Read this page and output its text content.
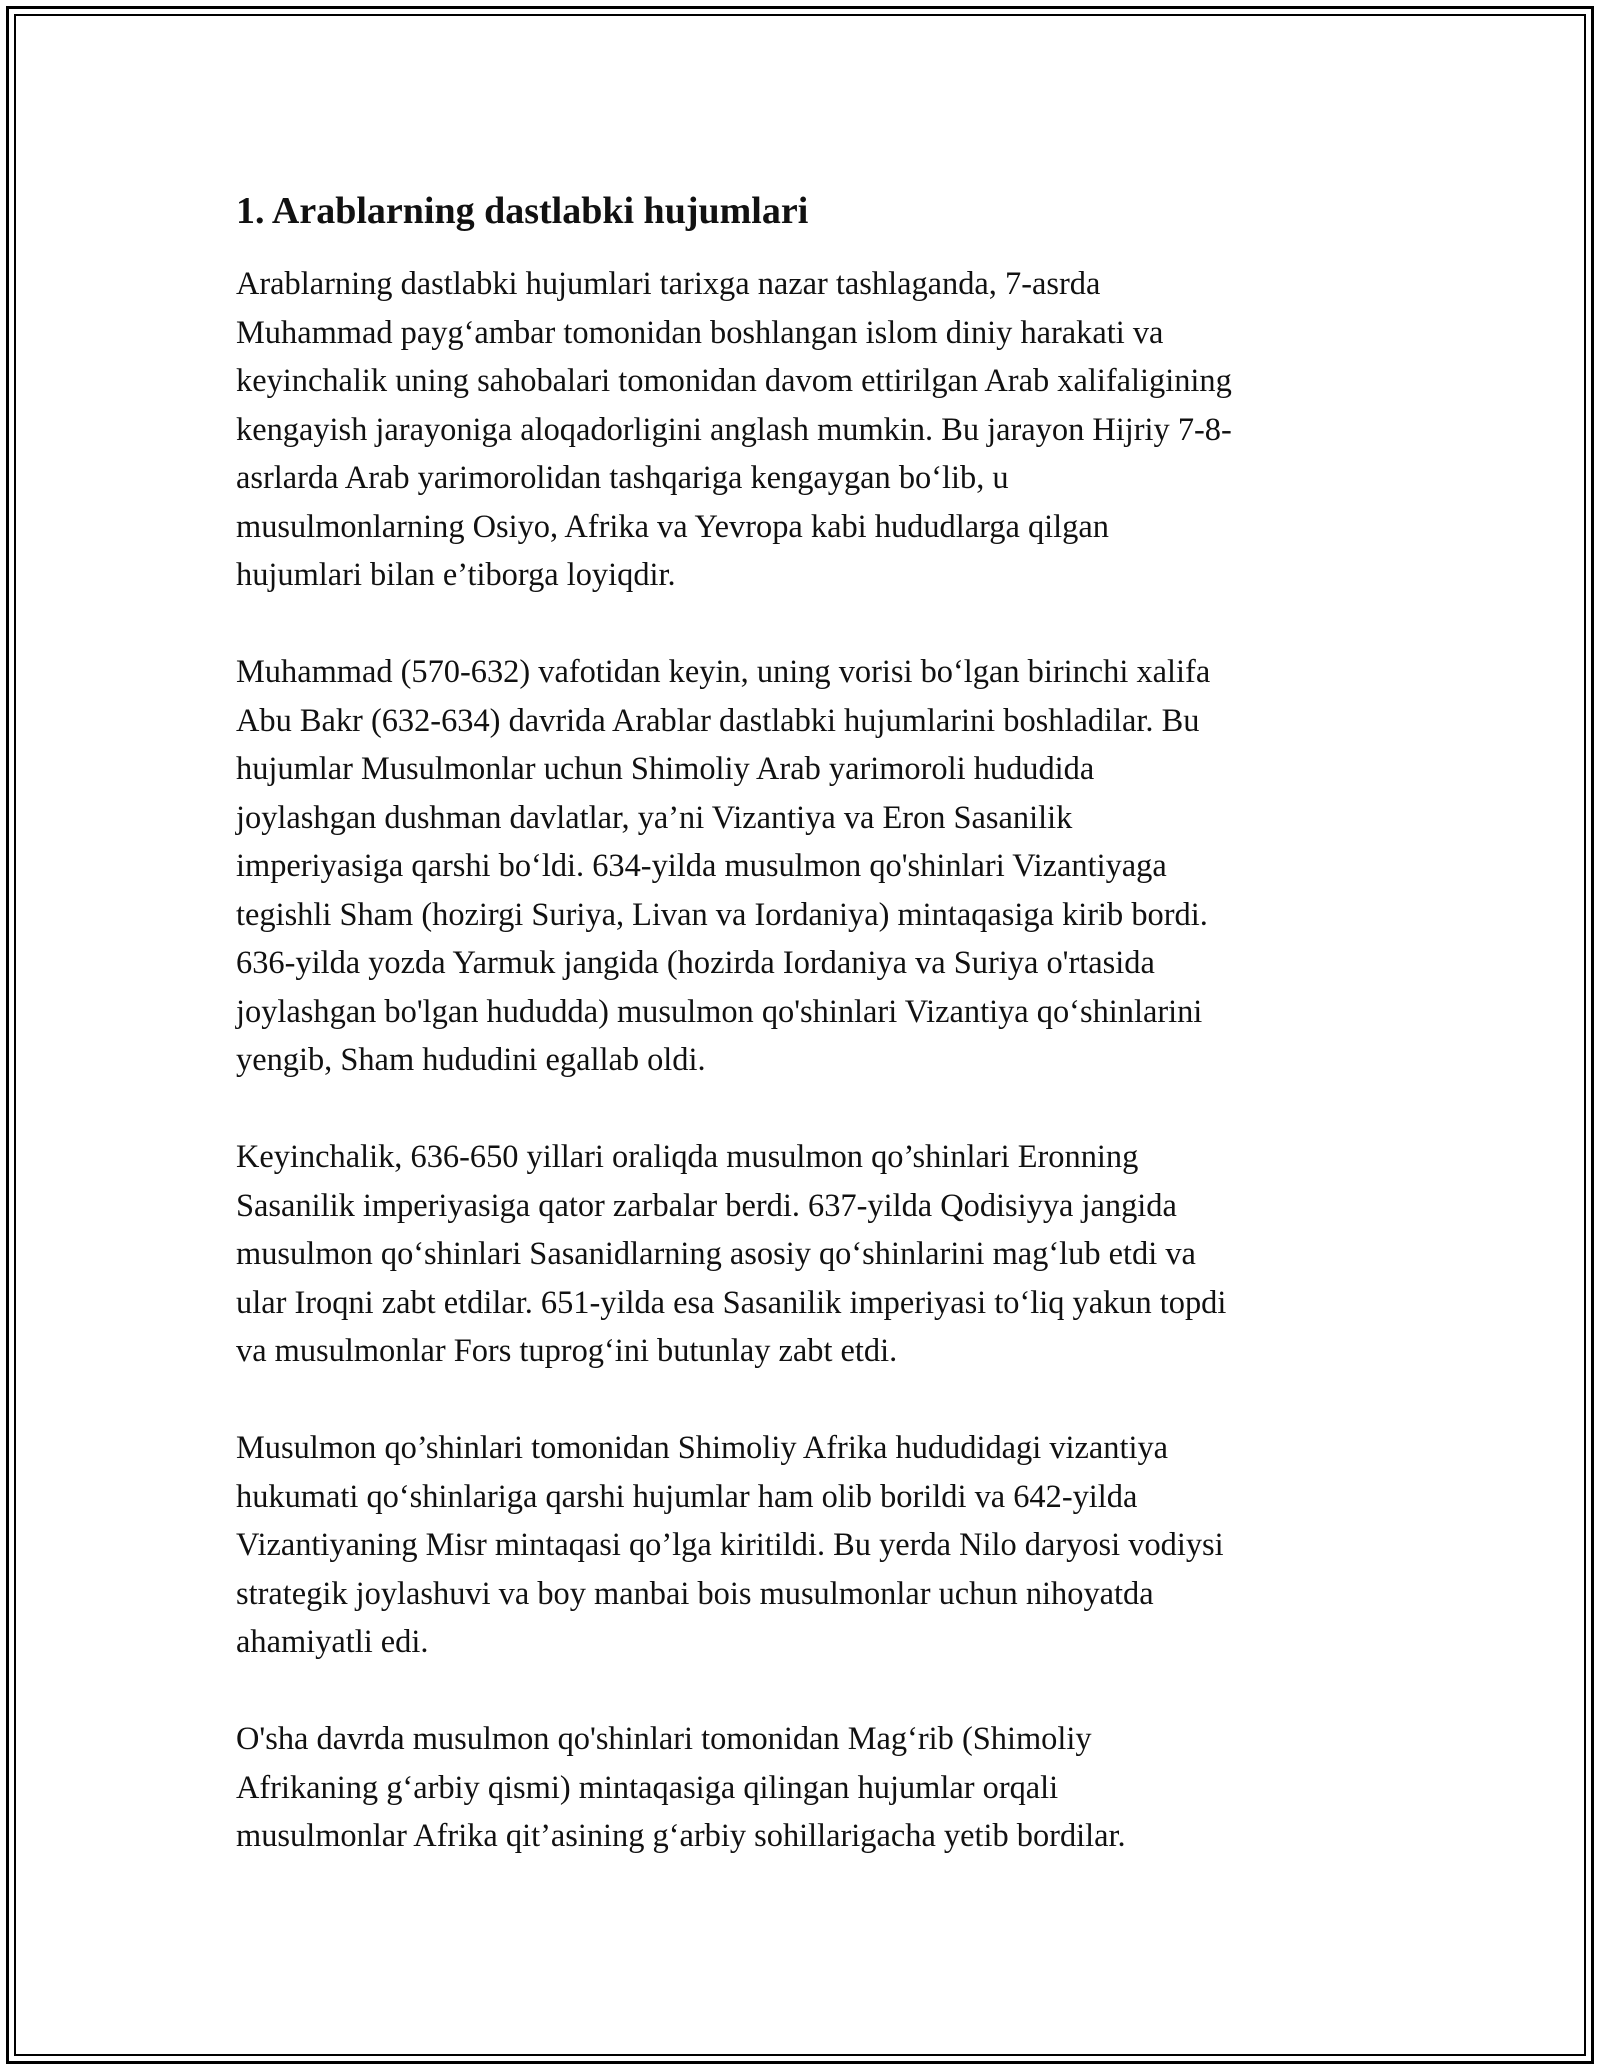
1. Arablarning dastlabki hujumlari

Arablarning dastlabki hujumlari tarixga nazar tashlaganda, 7-asrda
Muhammad payg‘ambar tomonidan boshlangan islom diniy harakati va
keyinchalik uning sahobalari tomonidan davom ettirilgan Arab xalifaligining
kengayish jarayoniga aloqadorligini anglash mumkin. Bu jarayon Hijriy 7-8-
asrlarda Arab yarimorolidan tashqariga kengaygan bo‘lib, u
musulmonlarning Osiyo, Afrika va Yevropa kabi hududlarga qilgan
hujumlari bilan e’tiborga loyiqdir.

Muhammad (570-632) vafotidan keyin, uning vorisi bo‘lgan birinchi xalifa
Abu Bakr (632-634) davrida Arablar dastlabki hujumlarini boshladilar. Bu
hujumlar Musulmonlar uchun Shimoliy Arab yarimoroli hududida
joylashgan dushman davlatlar, ya’ni Vizantiya va Eron Sasanilik
imperiyasiga qarshi bo‘ldi. 634-yilda musulmon qo'shinlari Vizantiyaga
tegishli Sham (hozirgi Suriya, Livan va Iordaniya) mintaqasiga kirib bordi.
636-yilda yozda Yarmuk jangida (hozirda Iordaniya va Suriya o'rtasida
joylashgan bo'lgan hududda) musulmon qo'shinlari Vizantiya qo‘shinlarini
yengib, Sham hududini egallab oldi.

Keyinchalik, 636-650 yillari oraliqda musulmon qo’shinlari Eronning
Sasanilik imperiyasiga qator zarbalar berdi. 637-yilda Qodisiyya jangida
musulmon qo‘shinlari Sasanidlarning asosiy qo‘shinlarini mag‘lub etdi va
ular Iroqni zabt etdilar. 651-yilda esa Sasanilik imperiyasi to‘liq yakun topdi
va musulmonlar Fors tuprog‘ini butunlay zabt etdi.

Musulmon qo’shinlari tomonidan Shimoliy Afrika hududidagi vizantiya
hukumati qo‘shinlariga qarshi hujumlar ham olib borildi va 642-yilda
Vizantiyaning Misr mintaqasi qo’lga kiritildi. Bu yerda Nilo daryosi vodiysi
strategik joylashuvi va boy manbai bois musulmonlar uchun nihoyatda
ahamiyatli edi.

O'sha davrda musulmon qo'shinlari tomonidan Mag‘rib (Shimoliy
Afrikaning g‘arbiy qismi) mintaqasiga qilingan hujumlar orqali
musulmonlar Afrika qit’asining g‘arbiy sohillarigacha yetib bordilar.
